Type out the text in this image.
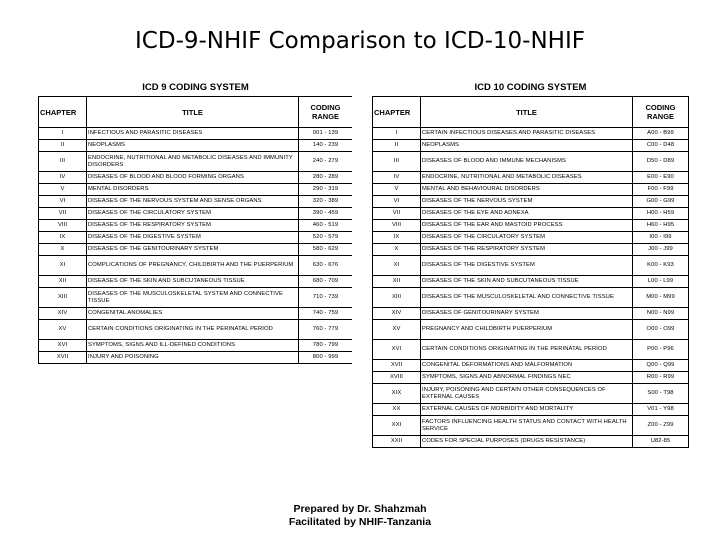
ICD-9-NHIF Comparison to ICD-10-NHIF
ICD 9 CODING SYSTEM		
CHAPTER	TITLE	CODING RANGE
I	INFECTIOUS AND PARASITIC DISEASES	001 - 139
II	NEOPLASMS	140 - 239
III	ENDOCRINE, NUTRITIONAL AND METABOLIC DISEASES AND IMMUNITY DISORDERS	240 - 279
IV	DISEASES OF BLOOD AND BLOOD FORMING ORGANS	280 - 289
V	MENTAL DISORDERS	290 - 319
VI	DISEASES OF THE NERVOUS SYSTEM AND SENSE ORGANS	320 - 389
VII	DISEASES OF THE CIRCULATORY SYSTEM	390 - 459
VIII	DISEASES OF THE RESPIRATORY SYSTEM	460 - 519
IX	DISEASES OF THE DIGESTIVE SYSTEM	520 - 579
X	DISEASES OF THE GENITOURINARY SYSTEM	580 - 629
XI	COMPLICATIONS OF PREGNANCY, CHILDBIRTH AND THE PUERPERIUM	630 - 676
XII	DISEASES OF THE SKIN AND SUBCUTANEOUS TISSUE	680 - 709
XIII	DISEASES OF THE MUSCULOSKELETAL SYSTEM AND CONNECTIVE TISSUE	710 - 739
XIV	CONGENITAL ANOMALIES	740 - 759
XV	CERTAIN CONDITIONS ORIGINATING IN THE PERINATAL PERIOD	760 - 779
XVI	SYMPTOMS, SIGNS AND ILL-DEFINED CONDITIONS	780 - 799
XVII	INJURY AND POISONING	800 - 999
ICD 10 CODING SYSTEM		
CHAPTER	TITLE	CODING RANGE
I	CERTAIN INFECTIOUS DISEASES AND PARASITIC DISEASES	A00 - B99
II	NEOPLASMS	C00 - D48
III	DISEASES OF BLOOD AND IMMUNE MECHANISMS	D50 - D89
IV	ENDOCRINE, NUTRITIONAL AND METABOLIC DISEASES	E00 - E90
V	MENTAL AND BEHAVIOURAL DISORDERS	F00 - F99
VI	DISEASES OF THE NERVOUS SYSTEM	G00 - G99
VII	DISEASES OF THE EYE AND ADNEXA	H00 - H59
VIII	DISEASES OF THE EAR AND MASTOID PROCESS	H60 - H95
IX	DISEASES OF THE CIRCULATORY SYSTEM	I00 - I99
X	DISEASES OF THE RESPIRATORY SYSTEM	J00 - J99
XI	DISEASES OF THE DIGESTIVE SYSTEM	K00 - K93
XII	DISEASES OF THE SKIN AND SUBCUTANEOUS TISSUE	L00 - L99
XIII	DISEASES OF THE MUSCULOSKELETAL AND CONNECTIVE TISSUE	M00 - M99
XIV	DISEASES OF GENITOURINARY SYSTEM	N00 - N99
XV	PREGNANCY AND CHILDBIRTH PUERPERIUM	O00 - O99
XVI	CERTAIN CONDITIONS ORIGINATING IN THE PERINATAL PERIOD	P00 - P96
XVII	CONGENITAL DEFORMATIONS AND MALFORMATION	Q00 - Q99
XVIII	SYMPTOMS, SIGNS AND ABNORMAL FINDINGS NEC	R00 - R99
XIX	INJURY, POISONING AND CERTAIN OTHER CONSEQUENCES OF EXTERNAL CAUSES	S00 - T98
XX	EXTERNAL CAUSES OF MORBIDITY AND MORTALITY	V01 - Y98
XXI	FACTORS INFLUENCING HEALTH STATUS AND CONTACT WITH HEALTH SERVICE	Z00 - Z99
XXII	CODES FOR SPECIAL PURPOSES (DRUGS RESISTANCE)	U82-85
Prepared by Dr. Shahzmah
Facilitated by NHIF-Tanzania
